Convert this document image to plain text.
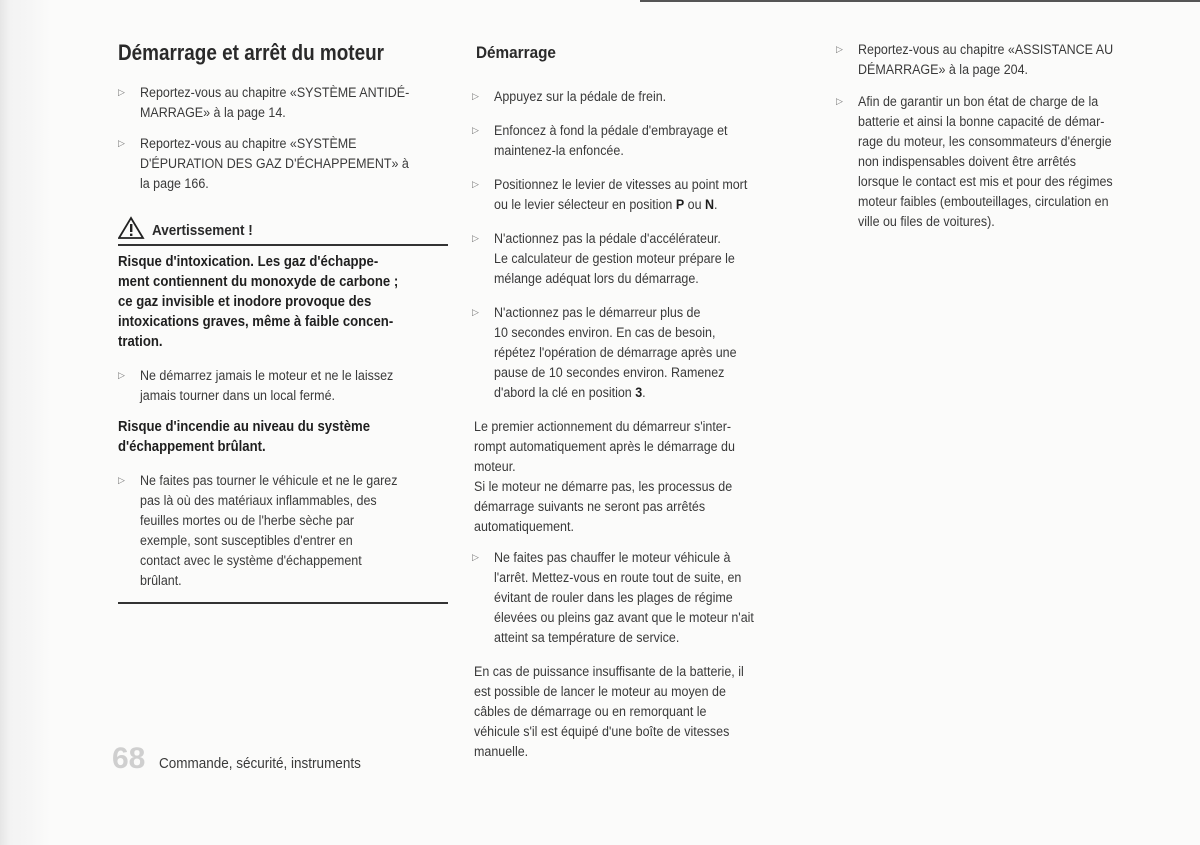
Démarrage et arrêt du moteur
▷	Reportez-vous au chapitre «SYSTÈME ANTIDÉ-
MARRAGE» à la page 14.
▷	Reportez-vous au chapitre «SYSTÈME
D'ÉPURATION DES GAZ D'ÉCHAPPEMENT» à
la page 166.
Avertissement !
Risque d'intoxication. Les gaz d'échappe-
ment contiennent du monoxyde de carbone ;
ce gaz invisible et inodore provoque des
intoxications graves, même à faible concen-
tration.
▷	Ne démarrez jamais le moteur et ne le laissez
jamais tourner dans un local fermé.
Risque d'incendie au niveau du système
d'échappement brûlant.
▷	Ne faites pas tourner le véhicule et ne le garez
pas là où des matériaux inflammables, des
feuilles mortes ou de l'herbe sèche par
exemple, sont susceptibles d'entrer en
contact avec le système d'échappement
brûlant.
Démarrage
▷	Appuyez sur la pédale de frein.
▷	Enfoncez à fond la pédale d'embrayage et
maintenez-la enfoncée.
▷	Positionnez le levier de vitesses au point mort
ou le levier sélecteur en position P ou N.
▷	N'actionnez pas la pédale d'accélérateur.
Le calculateur de gestion moteur prépare le
mélange adéquat lors du démarrage.
▷	N'actionnez pas le démarreur plus de
10 secondes environ. En cas de besoin,
répétez l'opération de démarrage après une
pause de 10 secondes environ. Ramenez
d'abord la clé en position 3.
Le premier actionnement du démarreur s'inter-
rompt automatiquement après le démarrage du
moteur.
Si le moteur ne démarre pas, les processus de
démarrage suivants ne seront pas arrêtés
automatiquement.
▷	Ne faites pas chauffer le moteur véhicule à
l'arrêt. Mettez-vous en route tout de suite, en
évitant de rouler dans les plages de régime
élevées ou pleins gaz avant que le moteur n'ait
atteint sa température de service.
En cas de puissance insuffisante de la batterie, il
est possible de lancer le moteur au moyen de
câbles de démarrage ou en remorquant le
véhicule s'il est équipé d'une boîte de vitesses
manuelle.
▷	Reportez-vous au chapitre «ASSISTANCE AU
DÉMARRAGE» à la page 204.
▷	Afin de garantir un bon état de charge de la
batterie et ainsi la bonne capacité de démar-
rage du moteur, les consommateurs d'énergie
non indispensables doivent être arrêtés
lorsque le contact est mis et pour des régimes
moteur faibles (embouteillages, circulation en
ville ou files de voitures).
68 Commande, sécurité, instruments
